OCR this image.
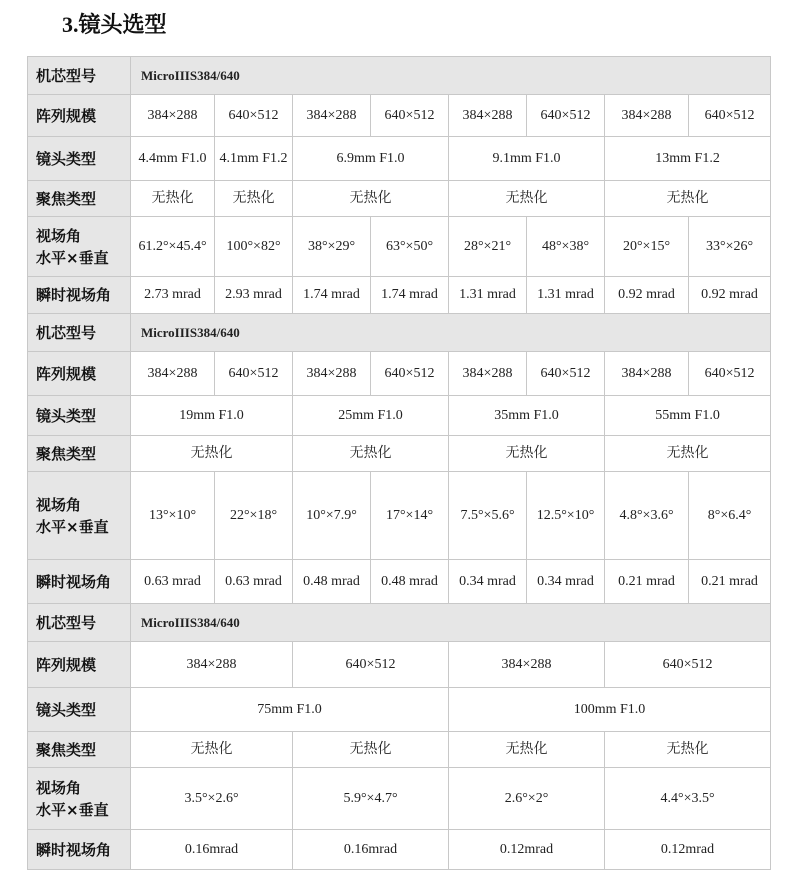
3.镜头选型
机芯型号	MicroIIIS384/640							
阵列规模	384×288	640×512	384×288	640×512	384×288	640×512	384×288	640×512
镜头类型	4.4mm F1.0	4.1mm F1.2	6.9mm F1.0		9.1mm F1.0		13mm F1.2	
聚焦类型	无热化	无热化	无热化		无热化		无热化	

视场角
水平×垂直	61.2°×45.4°	100°×82°	38°×29°	63°×50°	28°×21°	48°×38°	20°×15°	33°×26°
瞬时视场角	2.73 mrad	2.93 mrad	1.74 mrad	1.74 mrad	1.31 mrad	1.31 mrad	0.92 mrad	0.92 mrad
机芯型号	MicroIIIS384/640							
阵列规模	384×288	640×512	384×288	640×512	384×288	640×512	384×288	640×512
镜头类型	19mm F1.0		25mm F1.0		35mm F1.0		55mm F1.0	
聚焦类型	无热化		无热化		无热化		无热化	

视场角
水平×垂直	13°×10°	22°×18°	10°×7.9°	17°×14°	7.5°×5.6°	12.5°×10°	4.8°×3.6°	8°×6.4°
瞬时视场角	0.63 mrad	0.63 mrad	0.48 mrad	0.48 mrad	0.34 mrad	0.34 mrad	0.21 mrad	0.21 mrad
机芯型号	MicroIIIS384/640			
阵列规模	384×288	640×512	384×288	640×512
镜头类型	75mm F1.0		100mm F1.0	
聚焦类型	无热化	无热化	无热化	无热化

视场角
水平×垂直	3.5°×2.6°	5.9°×4.7°	2.6°×2°	4.4°×3.5°
瞬时视场角	0.16mrad	0.16mrad	0.12mrad	0.12mrad
